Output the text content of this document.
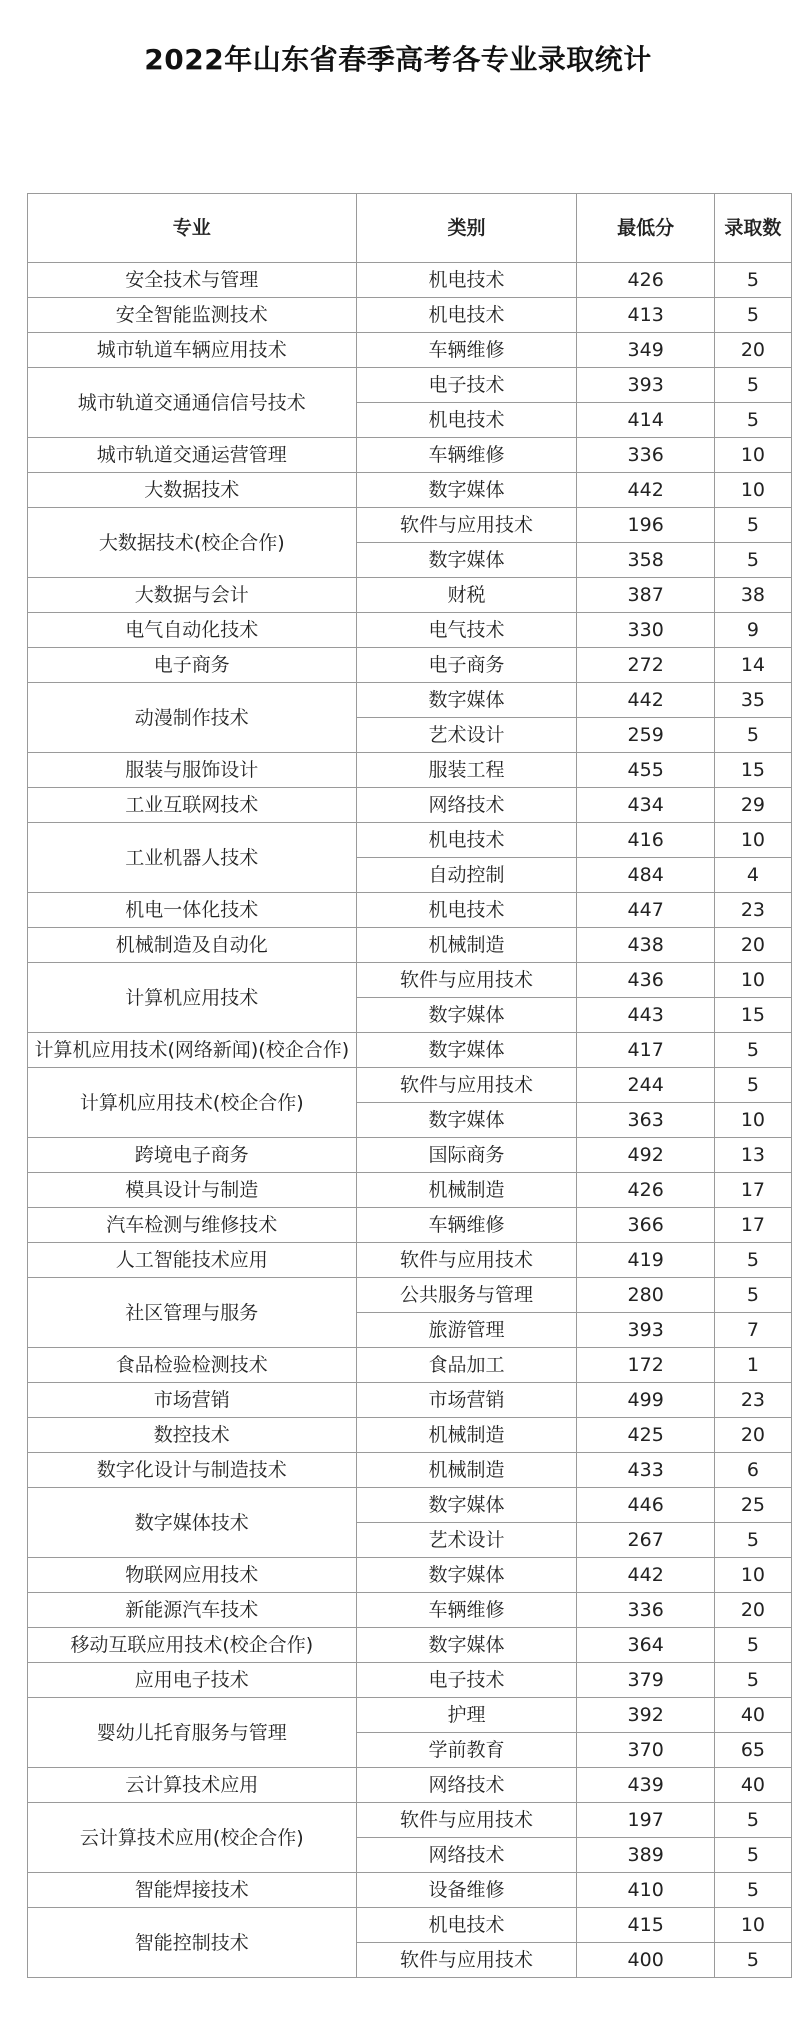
2022年山东省春季高考各专业录取统计
专业	类别	最低分	录取数
安全技术与管理	机电技术	426	5
安全智能监测技术	机电技术	413	5
城市轨道车辆应用技术	车辆维修	349	20
城市轨道交通通信信号技术	电子技术	393	5
	机电技术	414	5
城市轨道交通运营管理	车辆维修	336	10
大数据技术	数字媒体	442	10
大数据技术(校企合作)	软件与应用技术	196	5
	数字媒体	358	5
大数据与会计	财税	387	38
电气自动化技术	电气技术	330	9
电子商务	电子商务	272	14
动漫制作技术	数字媒体	442	35
	艺术设计	259	5
服装与服饰设计	服装工程	455	15
工业互联网技术	网络技术	434	29
工业机器人技术	机电技术	416	10
	自动控制	484	4
机电一体化技术	机电技术	447	23
机械制造及自动化	机械制造	438	20
计算机应用技术	软件与应用技术	436	10
	数字媒体	443	15
计算机应用技术(网络新闻)(校企合作)	数字媒体	417	5
计算机应用技术(校企合作)	软件与应用技术	244	5
	数字媒体	363	10
跨境电子商务	国际商务	492	13
模具设计与制造	机械制造	426	17
汽车检测与维修技术	车辆维修	366	17
人工智能技术应用	软件与应用技术	419	5
社区管理与服务	公共服务与管理	280	5
	旅游管理	393	7
食品检验检测技术	食品加工	172	1
市场营销	市场营销	499	23
数控技术	机械制造	425	20
数字化设计与制造技术	机械制造	433	6
数字媒体技术	数字媒体	446	25
	艺术设计	267	5
物联网应用技术	数字媒体	442	10
新能源汽车技术	车辆维修	336	20
移动互联应用技术(校企合作)	数字媒体	364	5
应用电子技术	电子技术	379	5
婴幼儿托育服务与管理	护理	392	40
	学前教育	370	65
云计算技术应用	网络技术	439	40
云计算技术应用(校企合作)	软件与应用技术	197	5
	网络技术	389	5
智能焊接技术	设备维修	410	5
智能控制技术	机电技术	415	10
	软件与应用技术	400	5
